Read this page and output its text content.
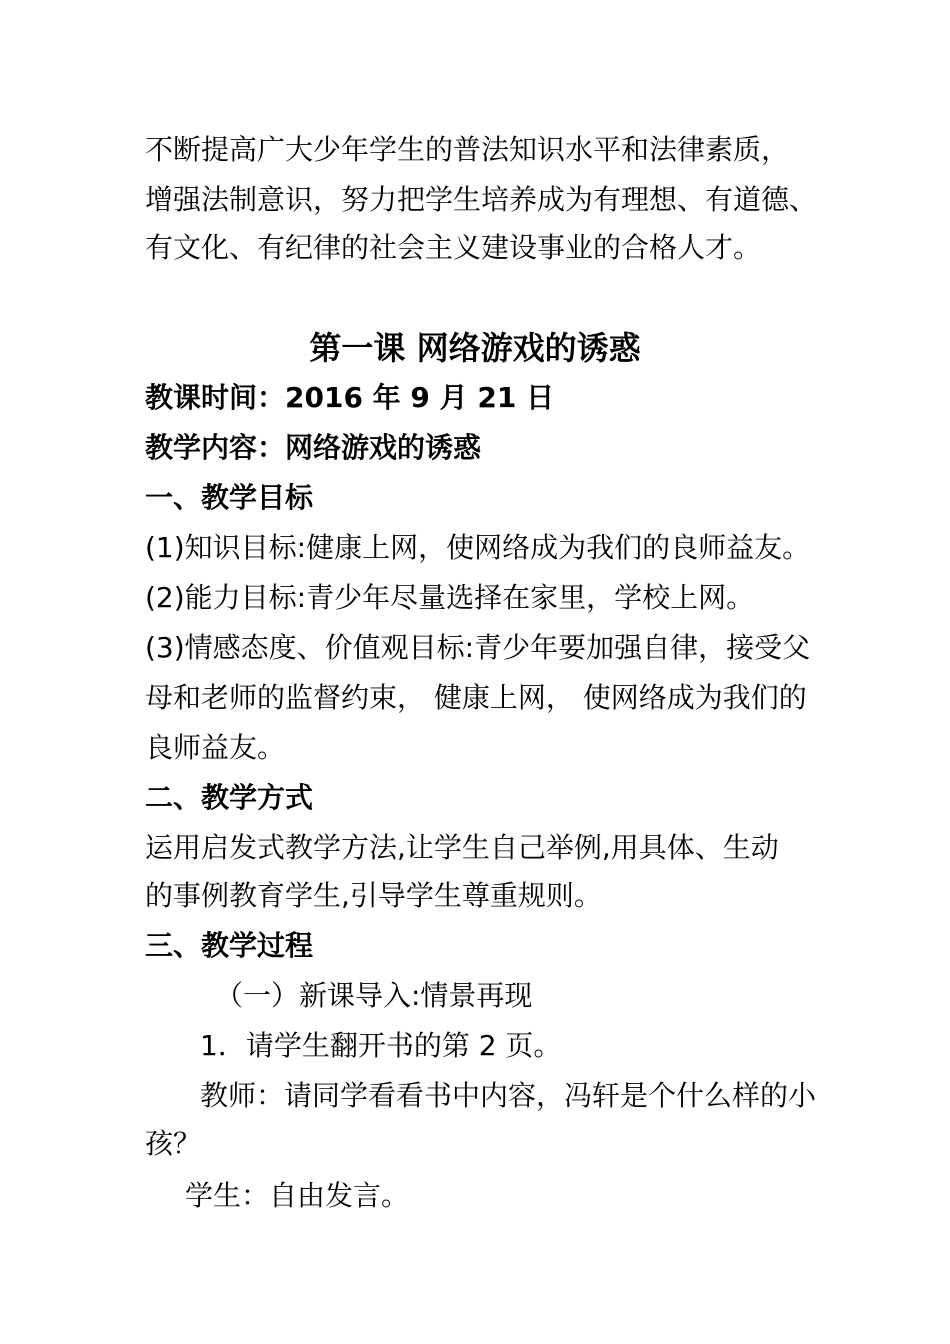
不断提高广大少年学生的普法知识水平和法律素质，
增强法制意识，努力把学生培养成为有理想、有道德、
有文化、有纪律的社会主义建设事业的合格人才。
第一课 网络游戏的诱惑
教课时间：2016 年 9 月 21 日
教学内容：网络游戏的诱惑
一、教学目标
(1)知识目标:健康上网，使网络成为我们的良师益友。
(2)能力目标:青少年尽量选择在家里，学校上网。
(3)情感态度、价值观目标:青少年要加强自律，接受父
母和老师的监督约束， 健康上网， 使网络成为我们的
良师益友。
二、教学方式
运用启发式教学方法,让学生自己举例,用具体、生动
的事例教育学生,引导学生尊重规则。
三、教学过程
（一）新课导入:情景再现
1．请学生翻开书的第 2 页。
教师：请同学看看书中内容，冯轩是个什么样的小
孩？
学生：自由发言。
